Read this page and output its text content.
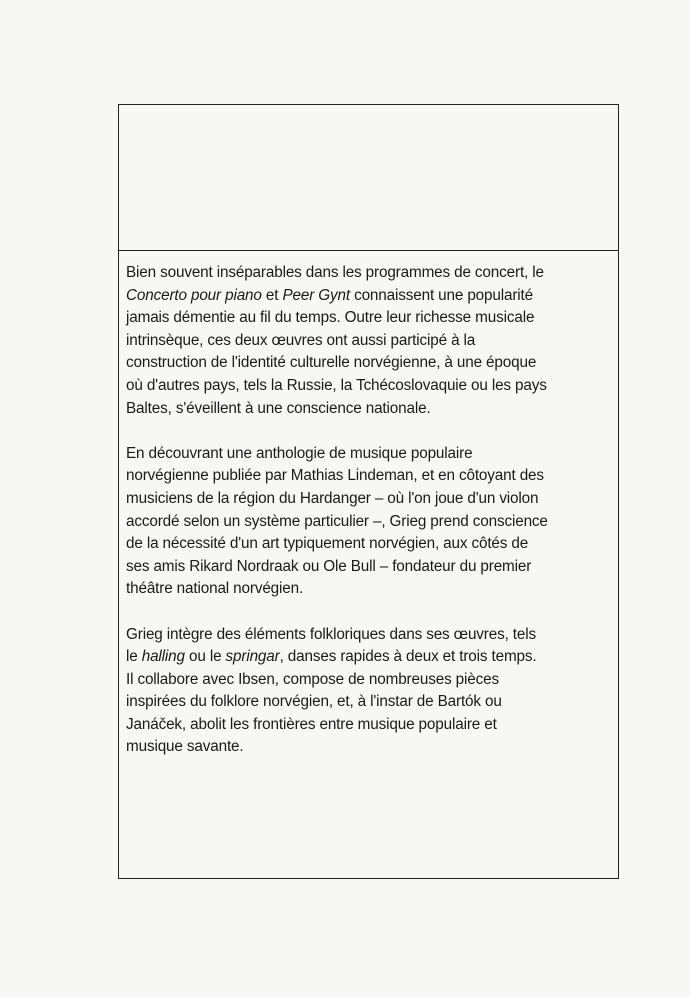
Bien souvent inséparables dans les programmes de concert, le
Concerto pour piano et Peer Gynt connaissent une popularité
jamais démentie au fil du temps. Outre leur richesse musicale
intrinsèque, ces deux œuvres ont aussi participé à la
construction de l'identité culturelle norvégienne, à une époque
où d'autres pays, tels la Russie, la Tchécoslovaquie ou les pays
Baltes, s'éveillent à une conscience nationale.

En découvrant une anthologie de musique populaire
norvégienne publiée par Mathias Lindeman, et en côtoyant des
musiciens de la région du Hardanger – où l'on joue d'un violon
accordé selon un système particulier –, Grieg prend conscience
de la nécessité d'un art typiquement norvégien, aux côtés de
ses amis Rikard Nordraak ou Ole Bull – fondateur du premier
théâtre national norvégien.

Grieg intègre des éléments folkloriques dans ses œuvres, tels
le halling ou le springar, danses rapides à deux et trois temps.
Il collabore avec Ibsen, compose de nombreuses pièces
inspirées du folklore norvégien, et, à l'instar de Bartók ou
Janáček, abolit les frontières entre musique populaire et
musique savante.
